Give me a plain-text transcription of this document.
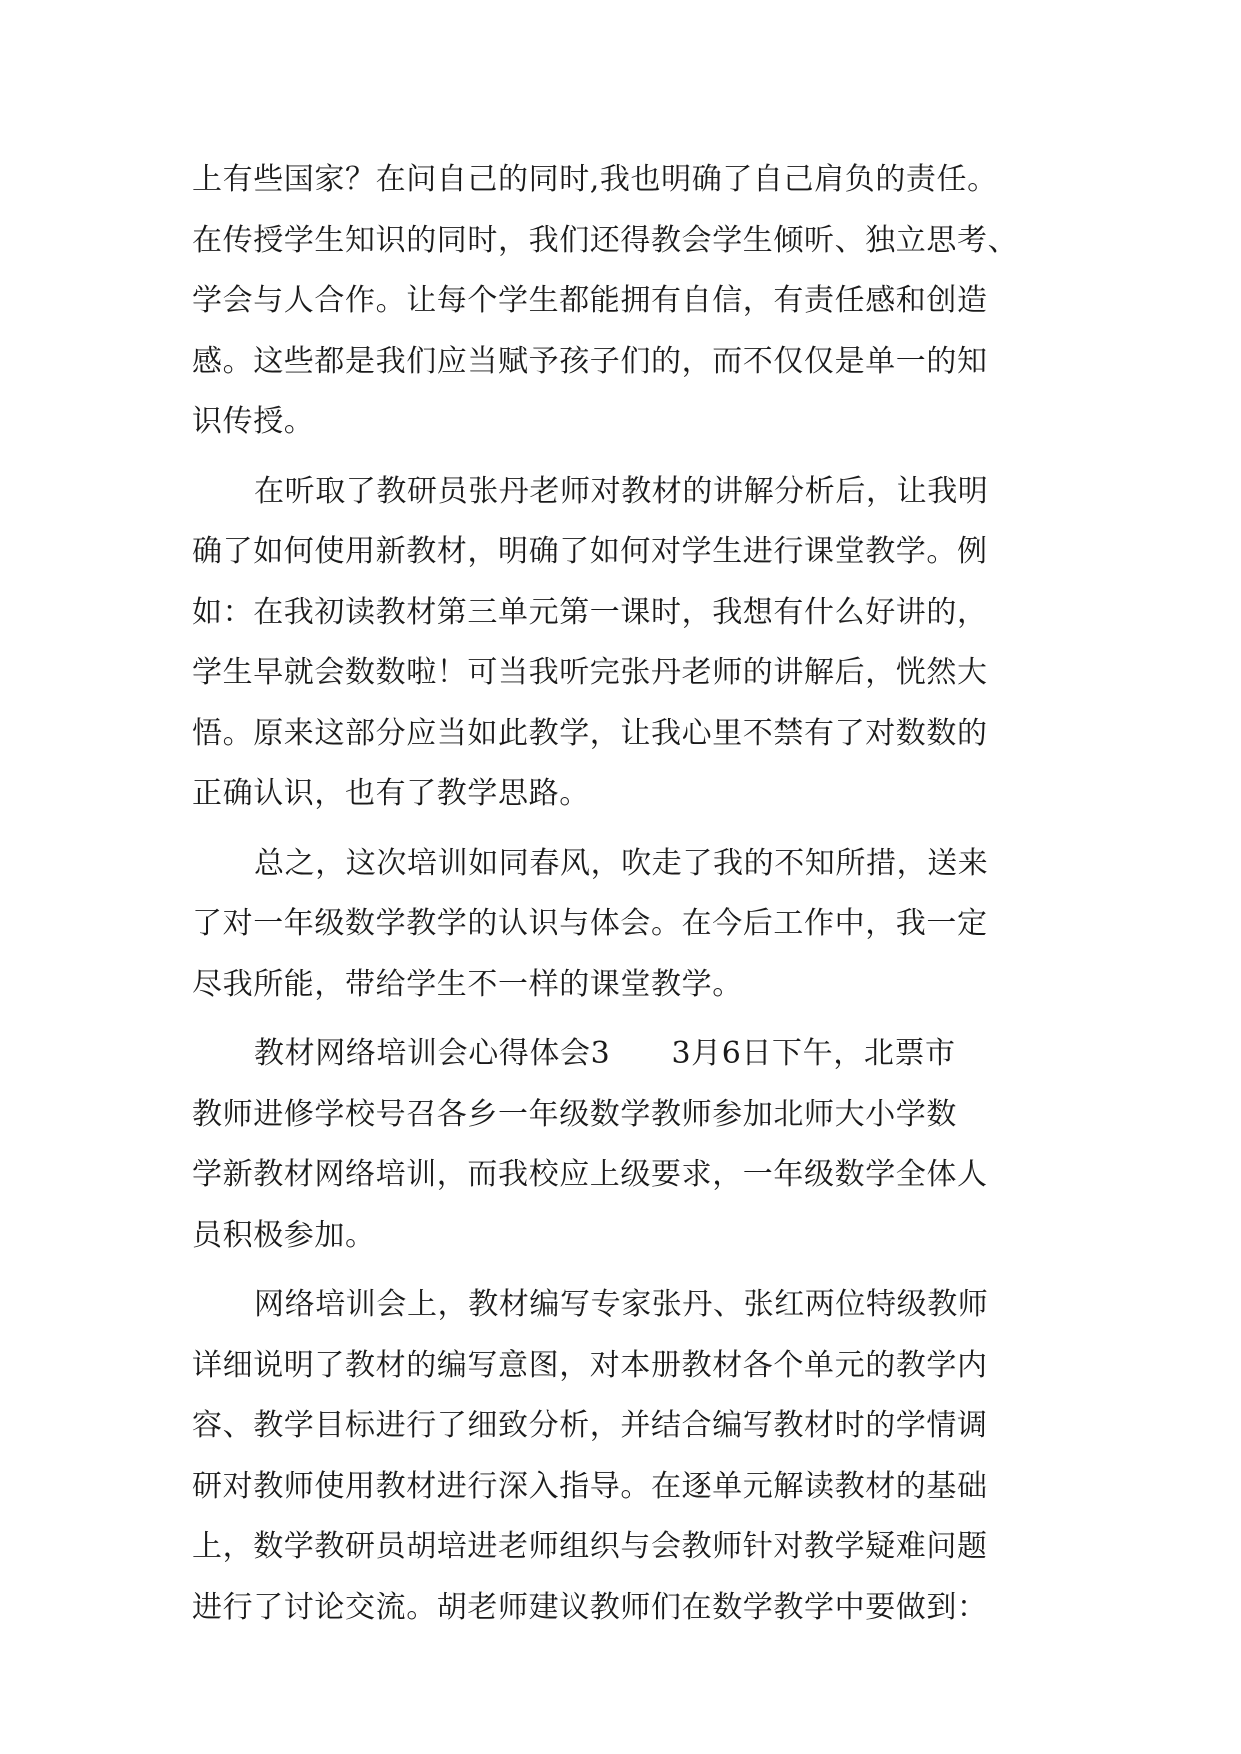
上有些国家？在问自己的同时,我也明确了自己肩负的责任。
在传授学生知识的同时，我们还得教会学生倾听、独立思考、
学会与人合作。让每个学生都能拥有自信，有责任感和创造
感。这些都是我们应当赋予孩子们的，而不仅仅是单一的知
识传授。
在听取了教研员张丹老师对教材的讲解分析后，让我明
确了如何使用新教材，明确了如何对学生进行课堂教学。例
如：在我初读教材第三单元第一课时，我想有什么好讲的，
学生早就会数数啦！可当我听完张丹老师的讲解后，恍然大
悟。原来这部分应当如此教学，让我心里不禁有了对数数的
正确认识，也有了教学思路。
总之，这次培训如同春风，吹走了我的不知所措，送来
了对一年级数学教学的认识与体会。在今后工作中，我一定
尽我所能，带给学生不一样的课堂教学。
教材网络培训会心得体会3　　3月6日下午，北票市
教师进修学校号召各乡一年级数学教师参加北师大小学数
学新教材网络培训，而我校应上级要求，一年级数学全体人
员积极参加。
网络培训会上，教材编写专家张丹、张红两位特级教师
详细说明了教材的编写意图，对本册教材各个单元的教学内
容、教学目标进行了细致分析，并结合编写教材时的学情调
研对教师使用教材进行深入指导。在逐单元解读教材的基础
上，数学教研员胡培进老师组织与会教师针对教学疑难问题
进行了讨论交流。胡老师建议教师们在数学教学中要做到：
